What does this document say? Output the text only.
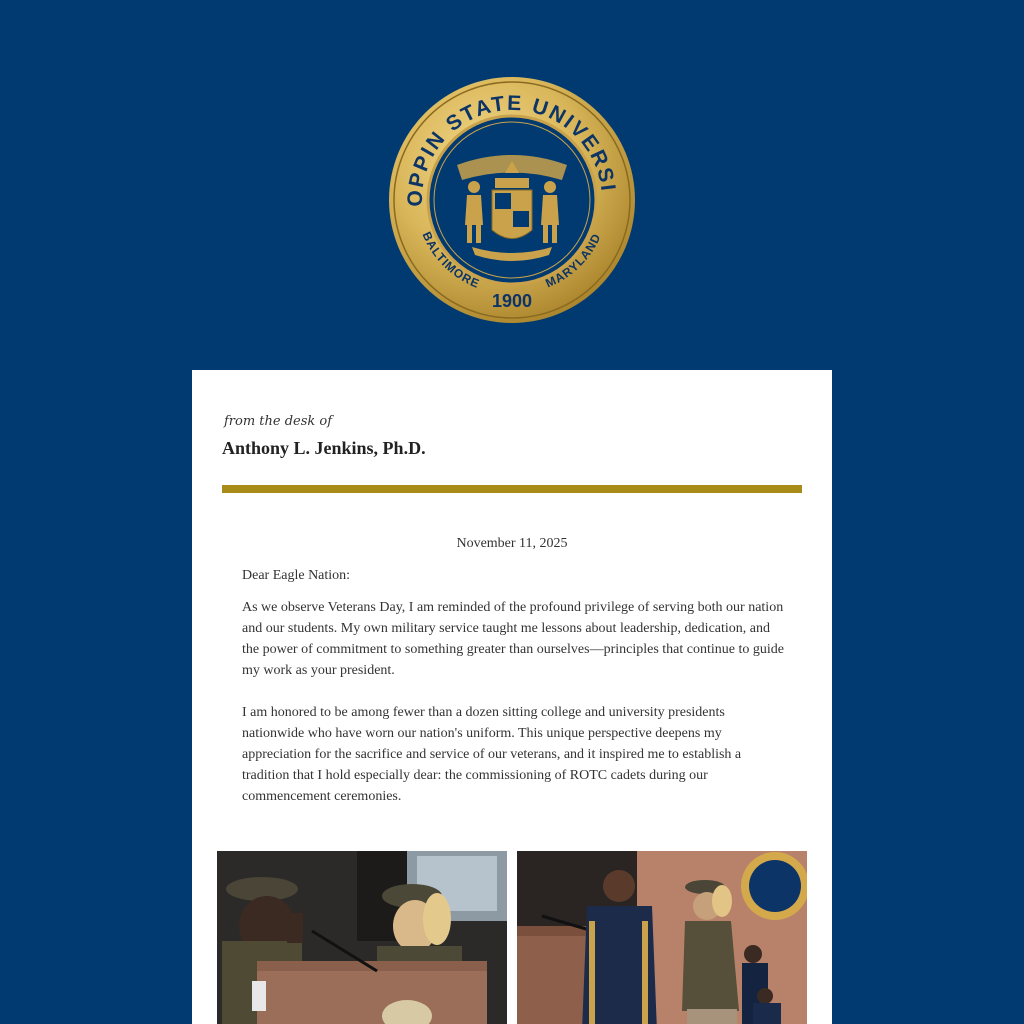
OPPIN STATE UNIVERSI
BALTIMORE	MARYLAND
1900
from the desk of
Anthony L. Jenkins, Ph.D.
November 11, 2025
Dear Eagle Nation:
As we observe Veterans Day, I am reminded of the profound privilege of serving both our nation and our students. My own military service taught me lessons about leadership, dedication, and the power of commitment to something greater than ourselves—principles that continue to guide my work as your president.
I am honored to be among fewer than a dozen sitting college and university presidents nationwide who have worn our nation's uniform. This unique perspective deepens my appreciation for the sacrifice and service of our veterans, and it inspired me to establish a tradition that I hold especially dear: the commissioning of ROTC cadets during our commencement ceremonies.
